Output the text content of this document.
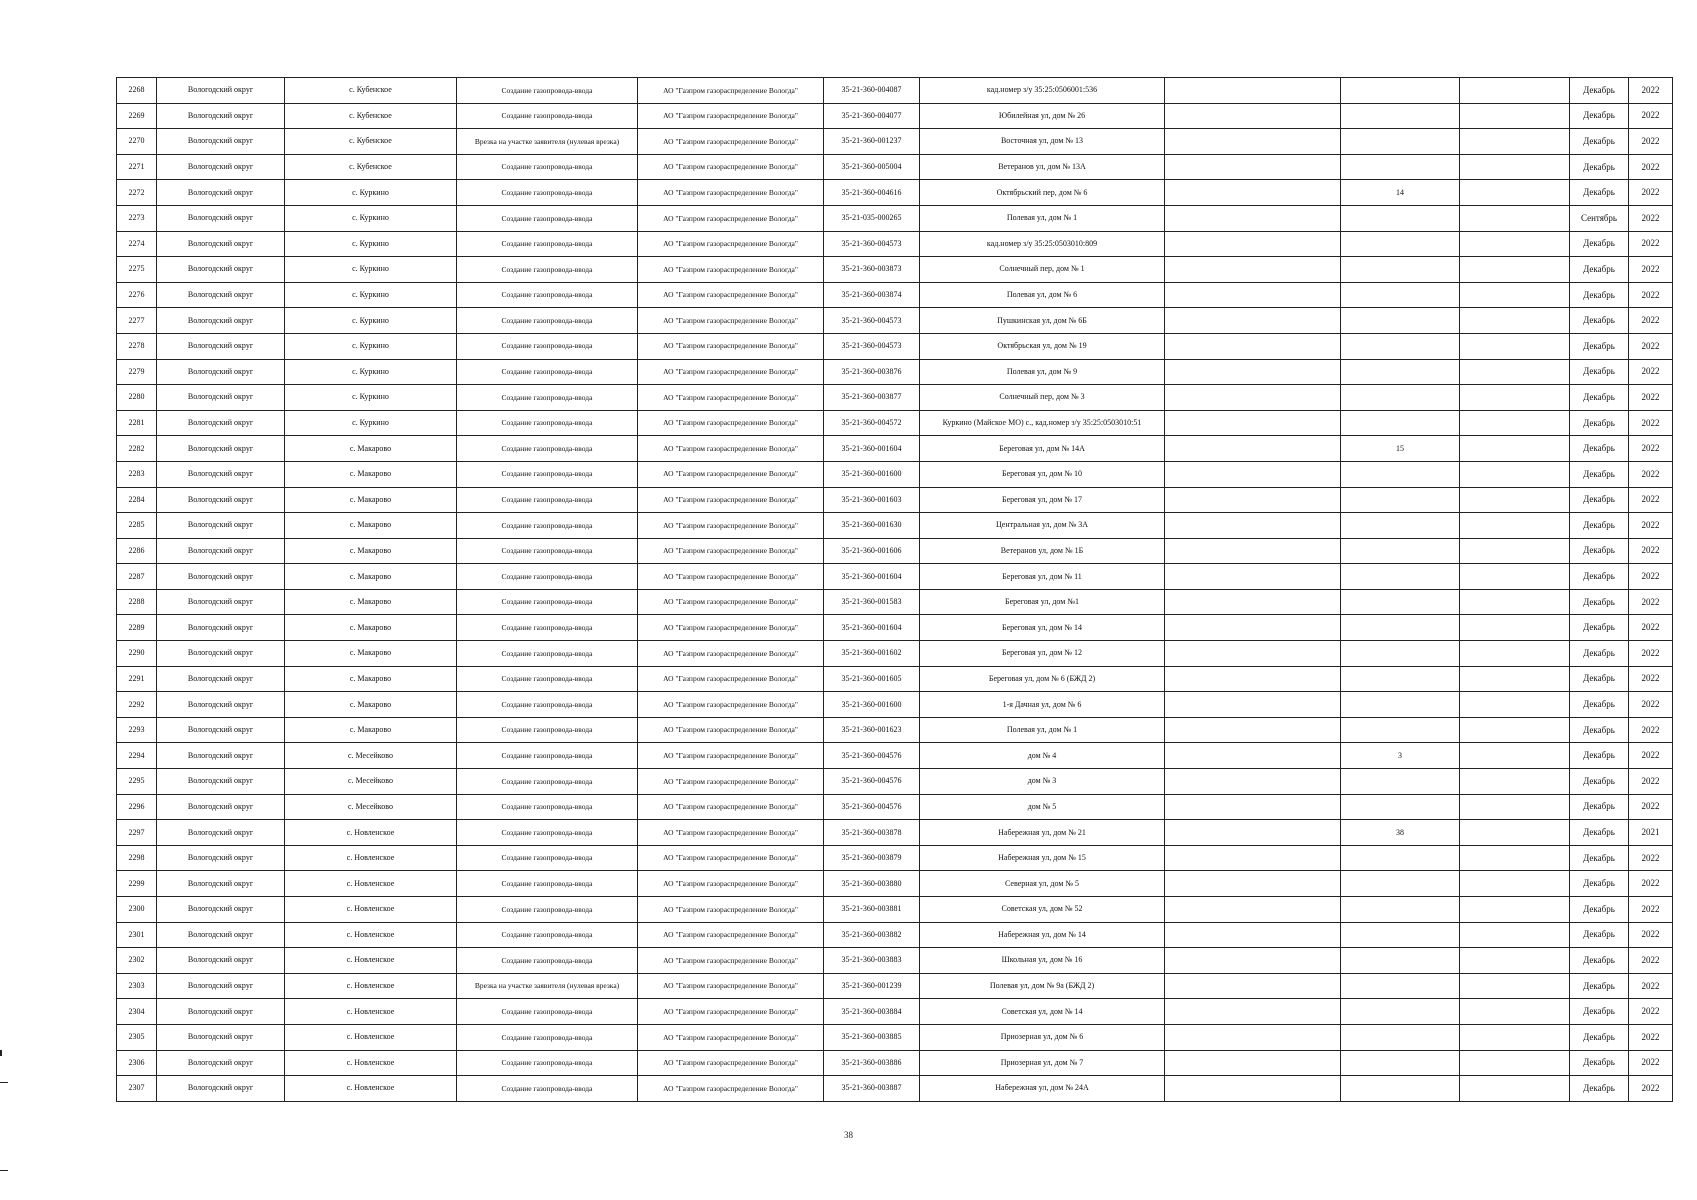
2268	Вологодский округ	с. Кубенское	Создание газопровода-ввода	АО "Газпром газораспределение Вологда"	35-21-360-004087	кад.номер з/у 35:25:0506001:536				Декабрь	2022
2269	Вологодский округ	с. Кубенское	Создание газопровода-ввода	АО "Газпром газораспределение Вологда"	35-21-360-004077	Юбилейная ул, дом № 26				Декабрь	2022
2270	Вологодский округ	с. Кубенское	Врезка на участке заявителя (нулевая врезка)	АО "Газпром газораспределение Вологда"	35-21-360-001237	Восточная ул, дом № 13				Декабрь	2022
2271	Вологодский округ	с. Кубенское	Создание газопровода-ввода	АО "Газпром газораспределение Вологда"	35-21-360-005004	Ветеранов ул, дом № 13А				Декабрь	2022
2272	Вологодский округ	с. Куркино	Создание газопровода-ввода	АО "Газпром газораспределение Вологда"	35-21-360-004616	Октябрьский пер, дом № 6		14		Декабрь	2022
2273	Вологодский округ	с. Куркино	Создание газопровода-ввода	АО "Газпром газораспределение Вологда"	35-21-035-000265	Полевая ул, дом № 1				Сентябрь	2022
2274	Вологодский округ	с. Куркино	Создание газопровода-ввода	АО "Газпром газораспределение Вологда"	35-21-360-004573	кад.номер з/у 35:25:0503010:809				Декабрь	2022
2275	Вологодский округ	с. Куркино	Создание газопровода-ввода	АО "Газпром газораспределение Вологда"	35-21-360-003873	Солнечный пер, дом № 1				Декабрь	2022
2276	Вологодский округ	с. Куркино	Создание газопровода-ввода	АО "Газпром газораспределение Вологда"	35-21-360-003874	Полевая ул, дом № 6				Декабрь	2022
2277	Вологодский округ	с. Куркино	Создание газопровода-ввода	АО "Газпром газораспределение Вологда"	35-21-360-004573	Пушкинская ул, дом № 6Б				Декабрь	2022
2278	Вологодский округ	с. Куркино	Создание газопровода-ввода	АО "Газпром газораспределение Вологда"	35-21-360-004573	Октябрьская ул, дом № 19				Декабрь	2022
2279	Вологодский округ	с. Куркино	Создание газопровода-ввода	АО "Газпром газораспределение Вологда"	35-21-360-003876	Полевая ул, дом № 9				Декабрь	2022
2280	Вологодский округ	с. Куркино	Создание газопровода-ввода	АО "Газпром газораспределение Вологда"	35-21-360-003877	Солнечный пер, дом № 3				Декабрь	2022
2281	Вологодский округ	с. Куркино	Создание газопровода-ввода	АО "Газпром газораспределение Вологда"	35-21-360-004572	Куркино (Майское МО) с., кад.номер з/у 35:25:0503010:51				Декабрь	2022
2282	Вологодский округ	с. Макарово	Создание газопровода-ввода	АО "Газпром газораспределение Вологда"	35-21-360-001604	Береговая ул, дом № 14А		15		Декабрь	2022
2283	Вологодский округ	с. Макарово	Создание газопровода-ввода	АО "Газпром газораспределение Вологда"	35-21-360-001600	Береговая ул, дом № 10				Декабрь	2022
2284	Вологодский округ	с. Макарово	Создание газопровода-ввода	АО "Газпром газораспределение Вологда"	35-21-360-001603	Береговая ул, дом № 17				Декабрь	2022
2285	Вологодский округ	с. Макарово	Создание газопровода-ввода	АО "Газпром газораспределение Вологда"	35-21-360-001630	Центральная ул, дом № 3А				Декабрь	2022
2286	Вологодский округ	с. Макарово	Создание газопровода-ввода	АО "Газпром газораспределение Вологда"	35-21-360-001606	Ветеранов ул, дом № 1Б				Декабрь	2022
2287	Вологодский округ	с. Макарово	Создание газопровода-ввода	АО "Газпром газораспределение Вологда"	35-21-360-001604	Береговая ул, дом № 11				Декабрь	2022
2288	Вологодский округ	с. Макарово	Создание газопровода-ввода	АО "Газпром газораспределение Вологда"	35-21-360-001583	Береговая ул, дом №1				Декабрь	2022
2289	Вологодский округ	с. Макарово	Создание газопровода-ввода	АО "Газпром газораспределение Вологда"	35-21-360-001604	Береговая ул, дом № 14				Декабрь	2022
2290	Вологодский округ	с. Макарово	Создание газопровода-ввода	АО "Газпром газораспределение Вологда"	35-21-360-001602	Береговая ул, дом № 12				Декабрь	2022
2291	Вологодский округ	с. Макарово	Создание газопровода-ввода	АО "Газпром газораспределение Вологда"	35-21-360-001605	Береговая ул, дом № 6 (БЖД 2)				Декабрь	2022
2292	Вологодский округ	с. Макарово	Создание газопровода-ввода	АО "Газпром газораспределение Вологда"	35-21-360-001600	1-я Дачная ул, дом № 6				Декабрь	2022
2293	Вологодский округ	с. Макарово	Создание газопровода-ввода	АО "Газпром газораспределение Вологда"	35-21-360-001623	Полевая ул, дом № 1				Декабрь	2022
2294	Вологодский округ	с. Месейково	Создание газопровода-ввода	АО "Газпром газораспределение Вологда"	35-21-360-004576	дом № 4		3		Декабрь	2022
2295	Вологодский округ	с. Месейково	Создание газопровода-ввода	АО "Газпром газораспределение Вологда"	35-21-360-004576	дом № 3				Декабрь	2022
2296	Вологодский округ	с. Месейково	Создание газопровода-ввода	АО "Газпром газораспределение Вологда"	35-21-360-004576	дом № 5				Декабрь	2022
2297	Вологодский округ	с. Новленское	Создание газопровода-ввода	АО "Газпром газораспределение Вологда"	35-21-360-003878	Набережная ул, дом № 21		38		Декабрь	2021
2298	Вологодский округ	с. Новленское	Создание газопровода-ввода	АО "Газпром газораспределение Вологда"	35-21-360-003879	Набережная ул, дом № 15				Декабрь	2022
2299	Вологодский округ	с. Новленское	Создание газопровода-ввода	АО "Газпром газораспределение Вологда"	35-21-360-003880	Северная ул, дом № 5				Декабрь	2022
2300	Вологодский округ	с. Новленское	Создание газопровода-ввода	АО "Газпром газораспределение Вологда"	35-21-360-003881	Советская ул, дом № 52				Декабрь	2022
2301	Вологодский округ	с. Новленское	Создание газопровода-ввода	АО "Газпром газораспределение Вологда"	35-21-360-003882	Набережная ул, дом № 14				Декабрь	2022
2302	Вологодский округ	с. Новленское	Создание газопровода-ввода	АО "Газпром газораспределение Вологда"	35-21-360-003883	Школьная ул, дом № 16				Декабрь	2022
2303	Вологодский округ	с. Новленское	Врезка на участке заявителя (нулевая врезка)	АО "Газпром газораспределение Вологда"	35-21-360-001239	Полевая ул, дом № 9а (БЖД 2)				Декабрь	2022
2304	Вологодский округ	с. Новленское	Создание газопровода-ввода	АО "Газпром газораспределение Вологда"	35-21-360-003884	Советская ул, дом № 14				Декабрь	2022
2305	Вологодский округ	с. Новленское	Создание газопровода-ввода	АО "Газпром газораспределение Вологда"	35-21-360-003885	Приозерная ул, дом № 6				Декабрь	2022
2306	Вологодский округ	с. Новленское	Создание газопровода-ввода	АО "Газпром газораспределение Вологда"	35-21-360-003886	Приозерная ул, дом № 7				Декабрь	2022
2307	Вологодский округ	с. Новленское	Создание газопровода-ввода	АО "Газпром газораспределение Вологда"	35-21-360-003887	Набережная ул, дом № 24А				Декабрь	2022
38
